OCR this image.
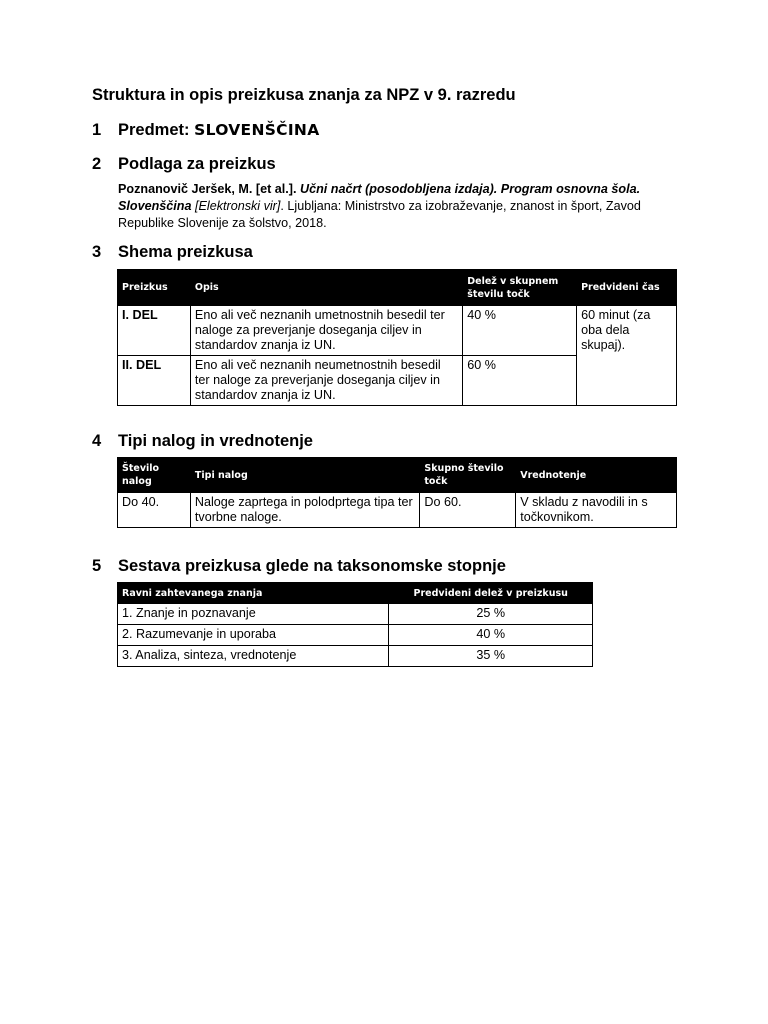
Struktura in opis preizkusa znanja za NPZ v 9. razredu
1	Predmet: SLOVENŠČINA
2	Podlaga za preizkus

Poznanovič Jeršek, M. [et al.]. Učni načrt (posodobljena izdaja). Program osnovna šola. Slovenščina [Elektronski vir]. Ljubljana: Ministrstvo za izobraževanje, znanost in šport, Zavod Republike Slovenije za šolstvo, 2018.

3	Shema preizkusa
Preizkus	Opis	Delež v skupnem številu točk	Predvideni čas
I. DEL	Eno ali več neznanih umetnostnih besedil ter naloge za preverjanje doseganja ciljev in standardov znanja iz UN.	40 %	60 minut (za oba dela skupaj).
II. DEL	Eno ali več neznanih neumetnostnih besedil ter naloge za preverjanje doseganja ciljev in standardov znanja iz UN.	60 %	
4	Tipi nalog in vrednotenje
Število nalog	Tipi nalog	Skupno število točk	Vrednotenje
Do 40.	Naloge zaprtega in polodprtega tipa ter tvorbne naloge.	Do 60.	V skladu z navodili in s točkovnikom.
5	Sestava preizkusa glede na taksonomske stopnje
Ravni zahtevanega znanja	Predvideni delež v preizkusu
1. Znanje in poznavanje	25 %
2. Razumevanje in uporaba	40 %
3. Analiza, sinteza, vrednotenje	35 %
